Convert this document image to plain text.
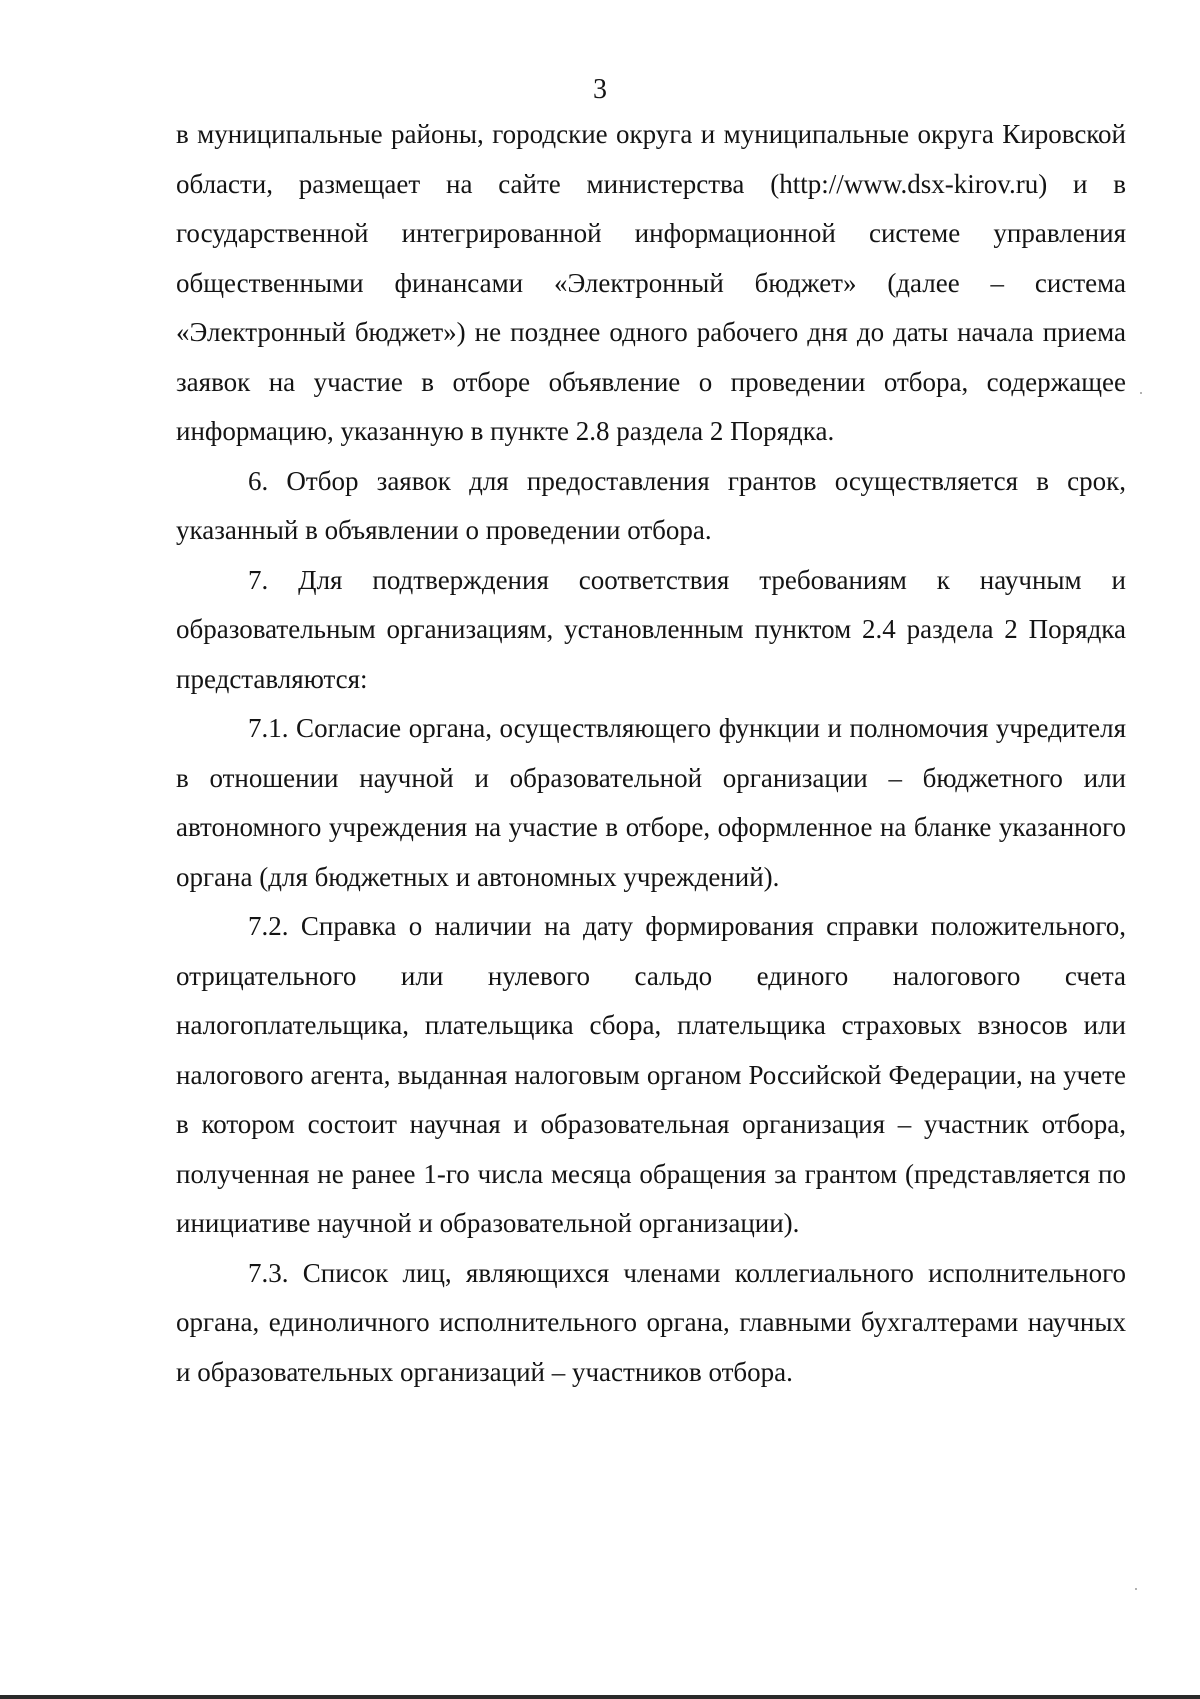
3

в муниципальные районы, городские округа и муниципальные округа Кировской области, размещает на сайте министерства (http://www.dsx-kirov.ru) и в государственной интегрированной информационной системе управления общественными финансами «Электронный бюджет» (далее – система «Электронный бюджет») не позднее одного рабочего дня до даты начала приема заявок на участие в отборе объявление о проведении отбора, содержащее информацию, указанную в пункте 2.8 раздела 2 Порядка.

6. Отбор заявок для предоставления грантов осуществляется в срок, указанный в объявлении о проведении отбора.

7. Для подтверждения соответствия требованиям к научным и образовательным организациям, установленным пунктом 2.4 раздела 2 Порядка представляются:

7.1. Согласие органа, осуществляющего функции и полномочия учредителя в отношении научной и образовательной организации – бюджетного или автономного учреждения на участие в отборе, оформленное на бланке указанного органа (для бюджетных и автономных учреждений).

7.2. Справка о наличии на дату формирования справки положительного, отрицательного или нулевого сальдо единого налогового счета налогоплательщика, плательщика сбора, плательщика страховых взносов или налогового агента, выданная налоговым органом Российской Федерации, на учете в котором состоит научная и образовательная организация – участник отбора, полученная не ранее 1-го числа месяца обращения за грантом (представляется по инициативе научной и образовательной организации).

7.3. Список лиц, являющихся членами коллегиального исполнительного органа, единоличного исполнительного органа, главными бухгалтерами научных и образовательных организаций – участников отбора.
